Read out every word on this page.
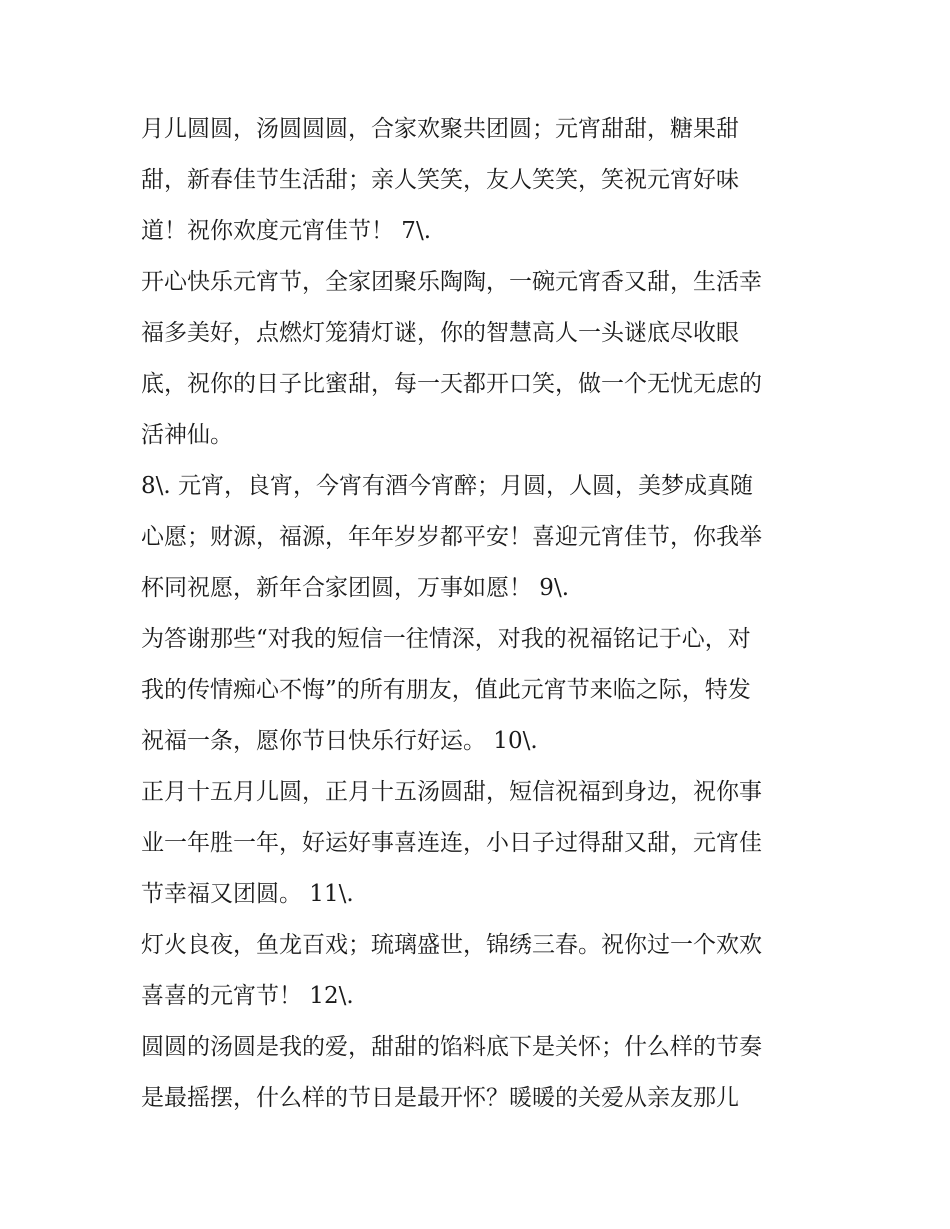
月儿圆圆，汤圆圆圆，合家欢聚共团圆；元宵甜甜，糖果甜
甜，新春佳节生活甜；亲人笑笑，友人笑笑，笑祝元宵好味
道！祝你欢度元宵佳节！ 7\.
开心快乐元宵节，全家团聚乐陶陶，一碗元宵香又甜，生活幸
福多美好，点燃灯笼猜灯谜，你的智慧高人一头谜底尽收眼
底，祝你的日子比蜜甜，每一天都开口笑，做一个无忧无虑的
活神仙。
8\. 元宵，良宵，今宵有酒今宵醉；月圆，人圆，美梦成真随
心愿；财源，福源，年年岁岁都平安！喜迎元宵佳节，你我举
杯同祝愿，新年合家团圆，万事如愿！ 9\.
为答谢那些“对我的短信一往情深，对我的祝福铭记于心，对
我的传情痴心不悔”的所有朋友，值此元宵节来临之际，特发
祝福一条，愿你节日快乐行好运。 10\.
正月十五月儿圆，正月十五汤圆甜，短信祝福到身边，祝你事
业一年胜一年，好运好事喜连连，小日子过得甜又甜，元宵佳
节幸福又团圆。 11\.
灯火良夜，鱼龙百戏；琉璃盛世，锦绣三春。祝你过一个欢欢
喜喜的元宵节！ 12\.
圆圆的汤圆是我的爱，甜甜的馅料底下是关怀；什么样的节奏
是最摇摆，什么样的节日是最开怀？暖暖的关爱从亲友那儿
